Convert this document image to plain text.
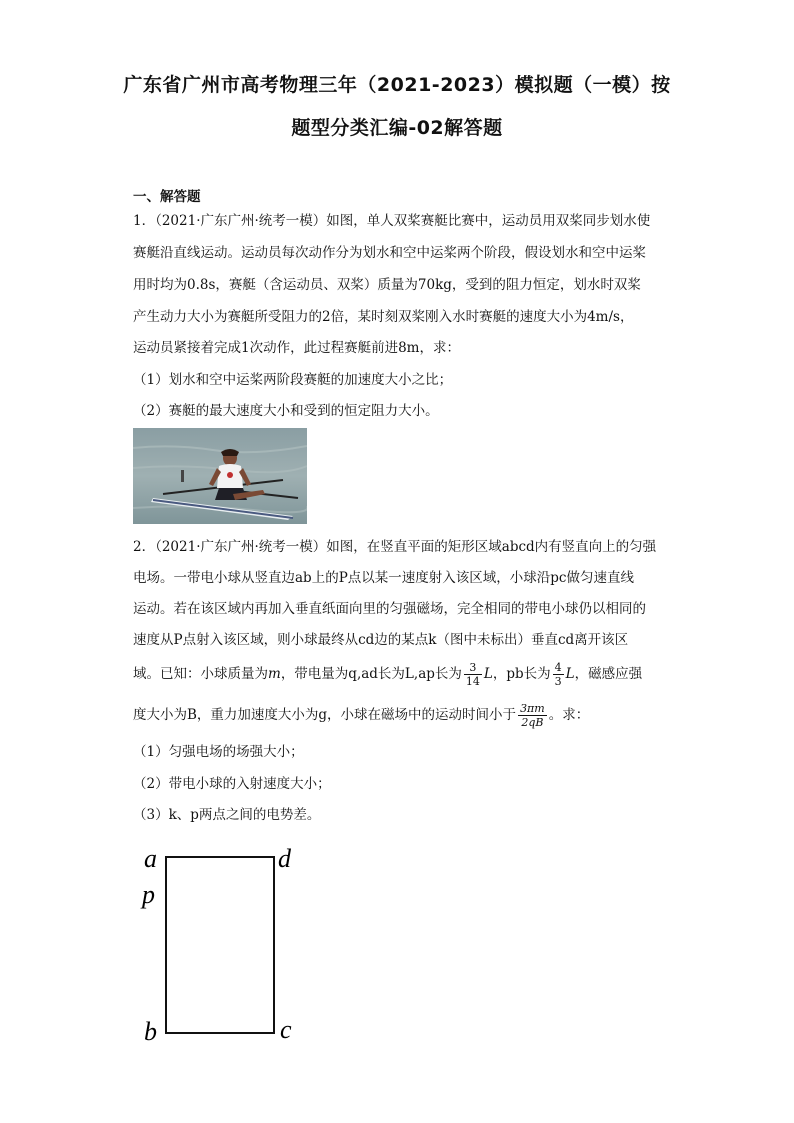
广东省广州市高考物理三年（2021-2023）模拟题（一模）按
题型分类汇编-02解答题
一、解答题
1．（2021·广东广州·统考一模）如图，单人双桨赛艇比赛中，运动员用双桨同步划水使
赛艇沿直线运动。运动员每次动作分为划水和空中运桨两个阶段，假设划水和空中运桨
用时均为0.8s，赛艇（含运动员、双桨）质量为70kg，受到的阻力恒定，划水时双桨
产生动力大小为赛艇所受阻力的2倍，某时刻双桨刚入水时赛艇的速度大小为4m/s，
运动员紧接着完成1次动作，此过程赛艇前进8m，求：
（1）划水和空中运桨两阶段赛艇的加速度大小之比；
（2）赛艇的最大速度大小和受到的恒定阻力大小。
2．（2021·广东广州·统考一模）如图，在竖直平面的矩形区域abcd内有竖直向上的匀强
电场。一带电小球从竖直边ab上的P点以某一速度射入该区域，小球沿pc做匀速直线
运动。若在该区域内再加入垂直纸面向里的匀强磁场，完全相同的带电小球仍以相同的
速度从P点射入该区域，则小球最终从cd边的某点k（图中未标出）垂直cd离开该区
域。已知：小球质量为m，带电量为q,ad长为L,ap长为 $\frac{3}{14}$ L，pb长为 $\frac{4}{3}$ L，磁感应强
度大小为B，重力加速度大小为g，小球在磁场中的运动时间小于 $\frac{3\pi m}{2qB}$ 。求：
（1）匀强电场的场强大小；
（2）带电小球的入射速度大小；
（3）k、p两点之间的电势差。
a	d
p
b	c
